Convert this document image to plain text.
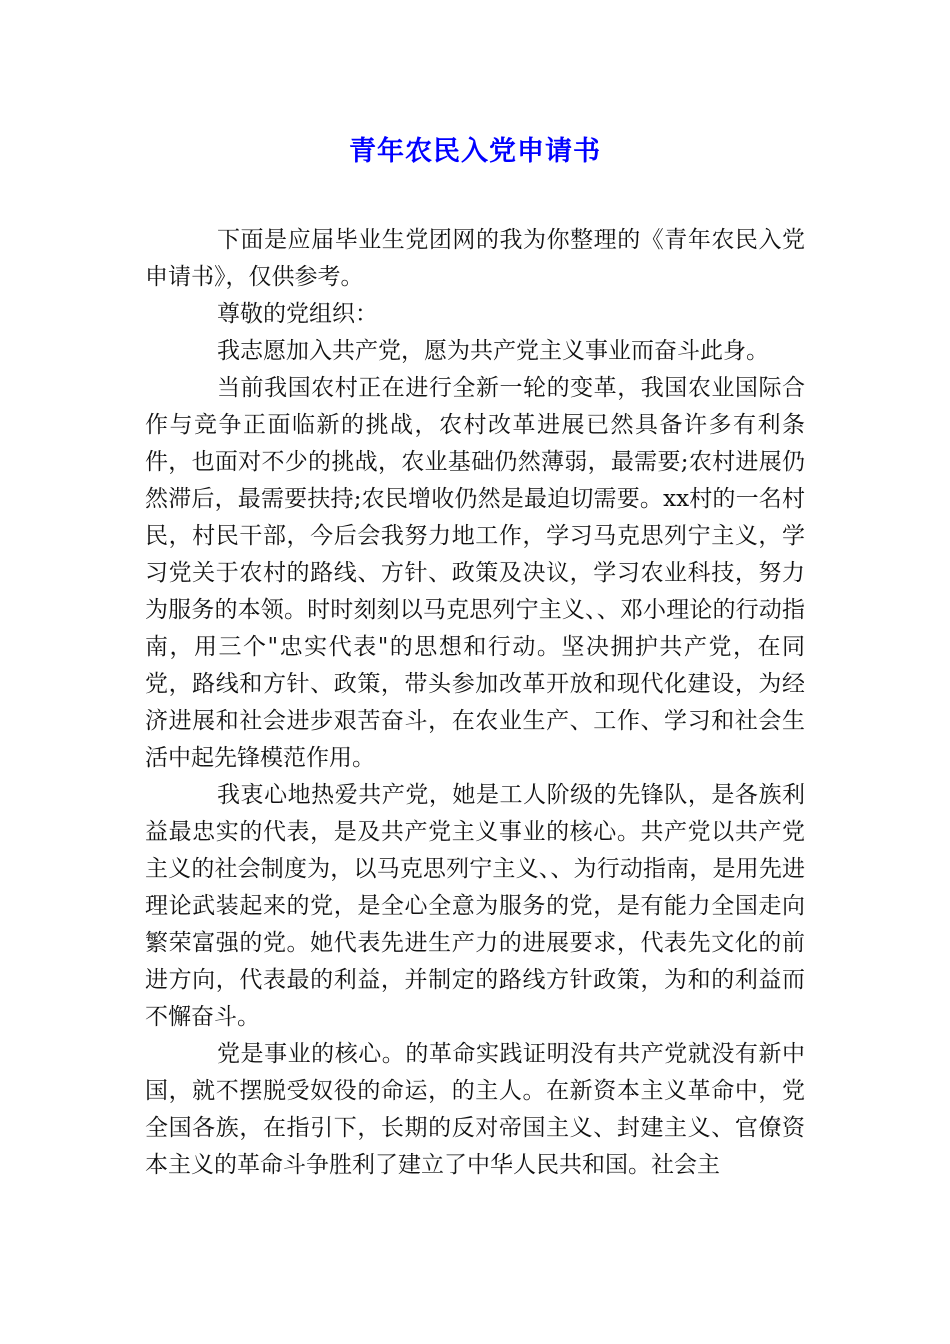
青年农民入党申请书

下面是应届毕业生党团网的我为你整理的《青年农民入党申请书》，仅供参考。

尊敬的党组织：

我志愿加入共产党，愿为共产党主义事业而奋斗此身。

当前我国农村正在进行全新一轮的变革，我国农业国际合作与竞争正面临新的挑战，农村改革进展已然具备许多有利条件，也面对不少的挑战，农业基础仍然薄弱，最需要;农村进展仍然滞后，最需要扶持;农民增收仍然是最迫切需要。xx村的一名村民，村民干部，今后会我努力地工作，学习马克思列宁主义，学习党关于农村的路线、方针、政策及决议，学习农业科技，努力为服务的本领。时时刻刻以马克思列宁主义、、邓小理论的行动指南，用三个"忠实代表"的思想和行动。坚决拥护共产党，在同党，路线和方针、政策，带头参加改革开放和现代化建设，为经济进展和社会进步艰苦奋斗，在农业生产、工作、学习和社会生活中起先锋模范作用。

我衷心地热爱共产党，她是工人阶级的先锋队，是各族利益最忠实的代表，是及共产党主义事业的核心。共产党以共产党主义的社会制度为，以马克思列宁主义、、为行动指南，是用先进理论武装起来的党，是全心全意为服务的党，是有能力全国走向繁荣富强的党。她代表先进生产力的进展要求，代表先文化的前进方向，代表最的利益，并制定的路线方针政策，为和的利益而不懈奋斗。

党是事业的核心。的革命实践证明没有共产党就没有新中国，就不摆脱受奴役的命运，的主人。在新资本主义革命中，党全国各族，在指引下，长期的反对帝国主义、封建主义、官僚资本主义的革命斗争胜利了建立了中华人民共和国。社会主
